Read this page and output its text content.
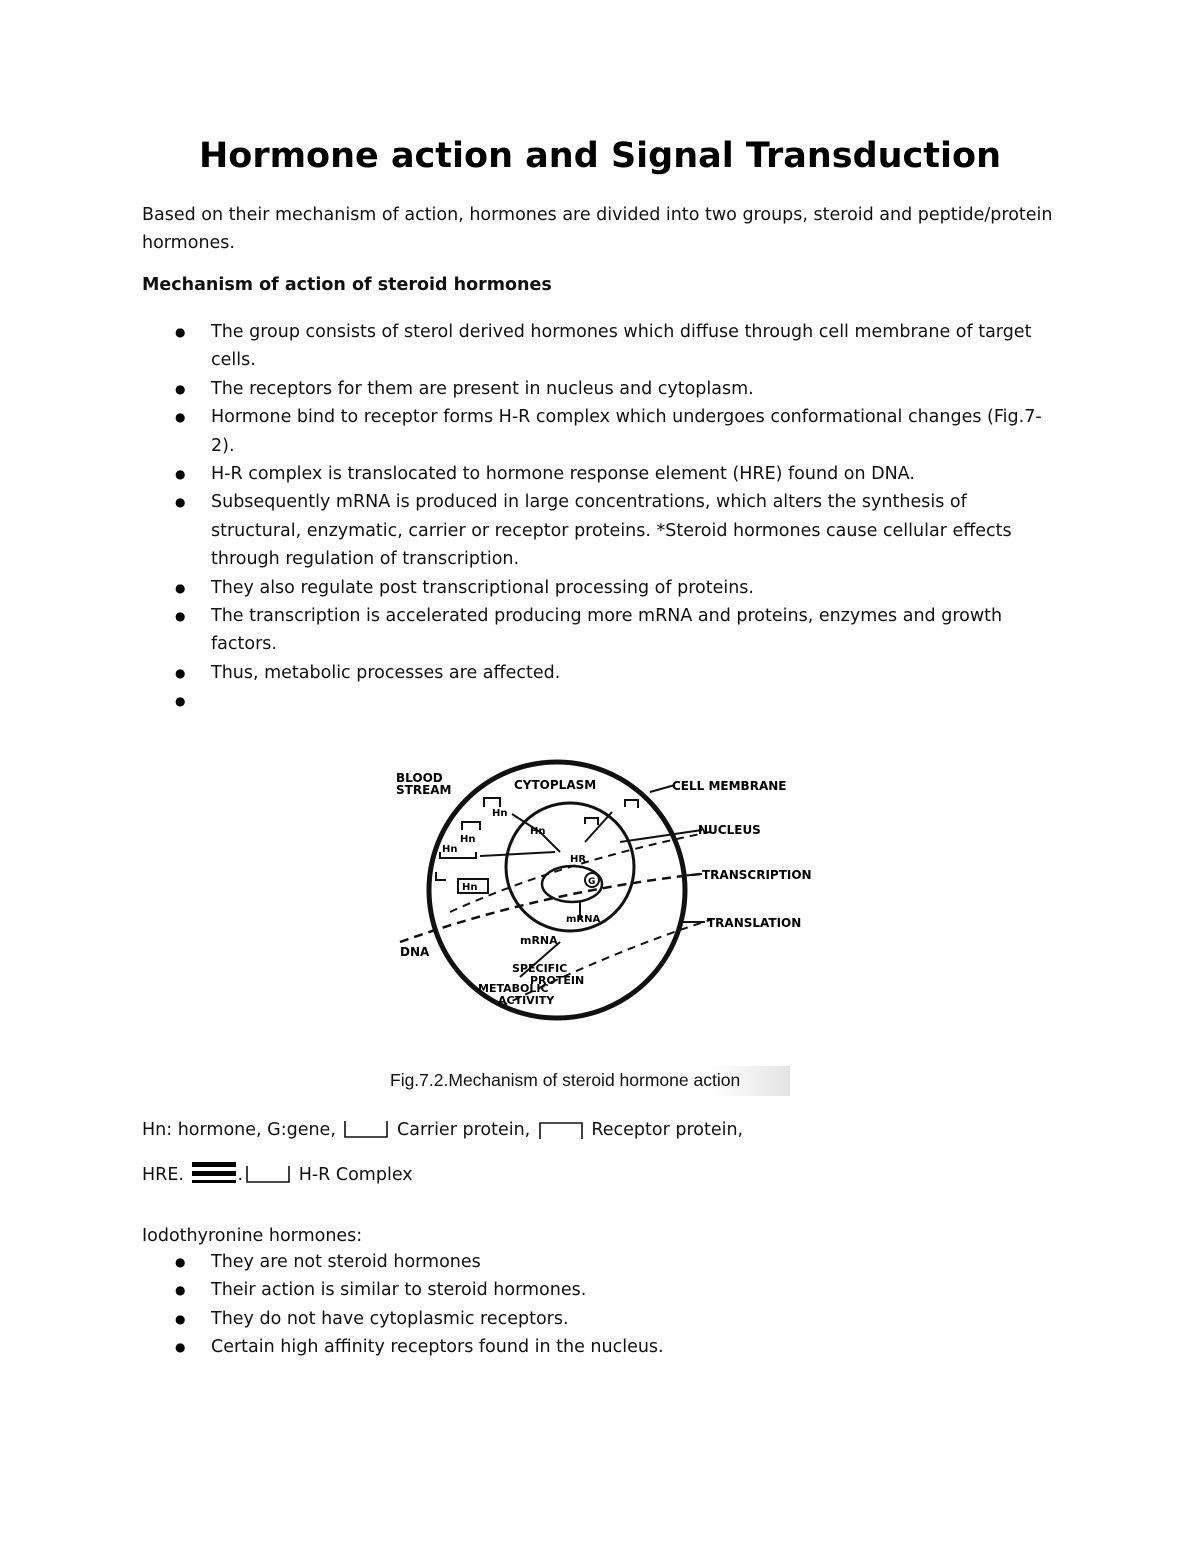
Hormone action and Signal Transduction

Based on their mechanism of action, hormones are divided into two groups, steroid and peptide/protein hormones.

Mechanism of action of steroid hormones

● The group consists of sterol derived hormones which diffuse through cell membrane of target cells.
● The receptors for them are present in nucleus and cytoplasm.
● Hormone bind to receptor forms H-R complex which undergoes conformational changes (Fig.7-2).
● H-R complex is translocated to hormone response element (HRE) found on DNA.
● Subsequently mRNA is produced in large concentrations, which alters the synthesis of structural, enzymatic, carrier or receptor proteins. *Steroid hormones cause cellular effects through regulation of transcription.
● They also regulate post transcriptional processing of proteins.
● The transcription is accelerated producing more mRNA and proteins, enzymes and growth factors.
● Thus, metabolic processes are affected.
●
BLOOD
STREAM	CYTOPLASM	CELL MEMBRANE
NUCLEUS
TRANSCRIPTION
TRANSLATION
DNA
mRNA
mRNA
SPECIFIC
PROTEIN
METABOLIC
ACTIVITY
Hn
Hn
Hn
Hn
Hn
HR
G
Fig.7.2.Mechanism of steroid hormone action
Hn: hormone, G:gene,	Carrier protein,	Receptor protein,
HRE.	.	H-R Complex

Iodothyronine hormones:

● They are not steroid hormones
● Their action is similar to steroid hormones.
● They do not have cytoplasmic receptors.
● Certain high affinity receptors found in the nucleus.
